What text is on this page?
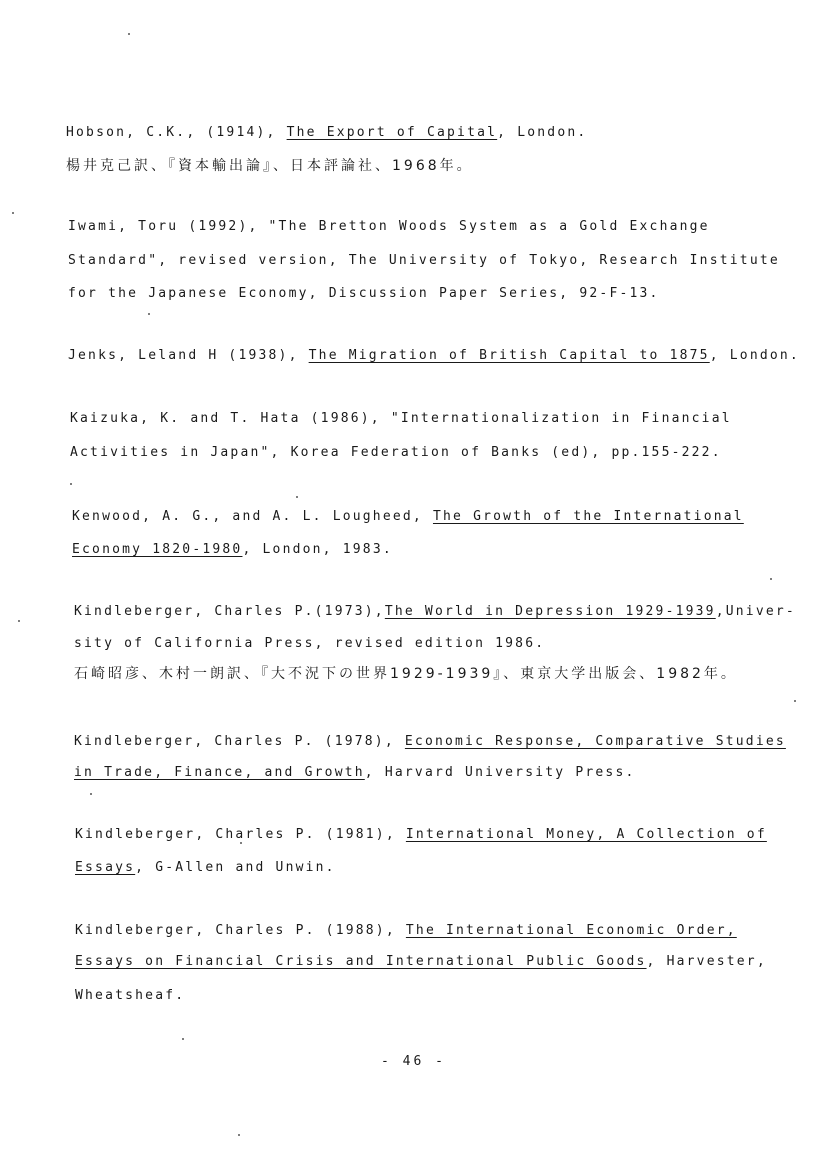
Hobson, C.K., (1914), The Export of Capital, London.
楊井克己訳、『資本輸出論』、日本評論社、1968年。
Iwami, Toru (1992), "The Bretton Woods System as a Gold Exchange
Standard", revised version, The University of Tokyo, Research Institute
for the Japanese Economy, Discussion Paper Series, 92-F-13.
Jenks, Leland H (1938), The Migration of British Capital to 1875, London.
Kaizuka, K. and T. Hata (1986), "Internationalization in Financial
Activities in Japan", Korea Federation of Banks (ed), pp.155-222.
Kenwood, A. G., and A. L. Lougheed, The Growth of the International
Economy 1820-1980, London, 1983.
Kindleberger, Charles P.(1973),The World in Depression 1929-1939,Univer-
sity of California Press, revised edition 1986.
石崎昭彦、木村一朗訳、『大不況下の世界1929-1939』、東京大学出版会、1982年。
Kindleberger, Charles P. (1978), Economic Response, Comparative Studies
in Trade, Finance, and Growth, Harvard University Press.
Kindleberger, Charles P. (1981), International Money, A Collection of
Essays, G-Allen and Unwin.
Kindleberger, Charles P. (1988), The International Economic Order,
Essays on Financial Crisis and International Public Goods, Harvester,
Wheatsheaf.
- 46 -
